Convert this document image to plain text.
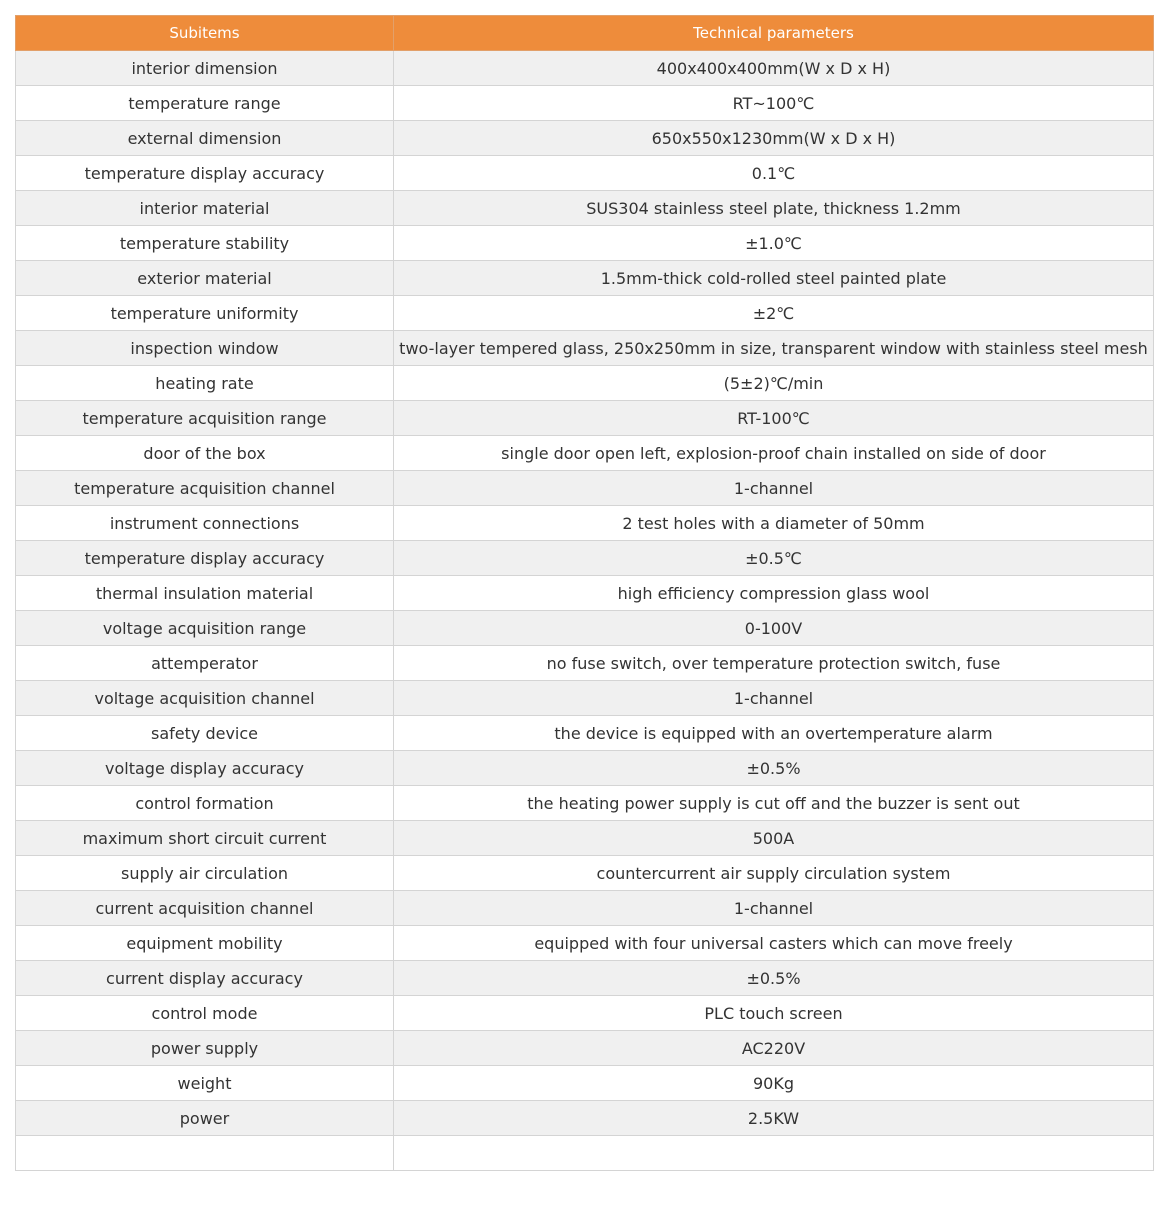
Subitems	Technical parameters
interior dimension	400x400x400mm(W x D x H)
temperature range	RT~100℃
external dimension	650x550x1230mm(W x D x H)
temperature display accuracy	0.1℃
interior material	SUS304 stainless steel plate, thickness 1.2mm
temperature stability	±1.0℃
exterior material	1.5mm-thick cold-rolled steel painted plate
temperature uniformity	±2℃
inspection window	two-layer tempered glass, 250x250mm in size, transparent window with stainless steel mesh
heating rate	(5±2)℃/min
temperature acquisition range	RT-100℃
door of the box	single door open left, explosion-proof chain installed on side of door
temperature acquisition channel	1-channel
instrument connections	2 test holes with a diameter of 50mm
temperature display accuracy	±0.5℃
thermal insulation material	high efficiency compression glass wool
voltage acquisition range	0-100V
attemperator	no fuse switch, over temperature protection switch, fuse
voltage acquisition channel	1-channel
safety device	the device is equipped with an overtemperature alarm
voltage display accuracy	±0.5%
control formation	the heating power supply is cut off and the buzzer is sent out
maximum short circuit current	500A
supply air circulation	countercurrent air supply circulation system
current acquisition channel	1-channel
equipment mobility	equipped with four universal casters which can move freely
current display accuracy	±0.5%
control mode	PLC touch screen
power supply	AC220V
weight	90Kg
power	2.5KW
